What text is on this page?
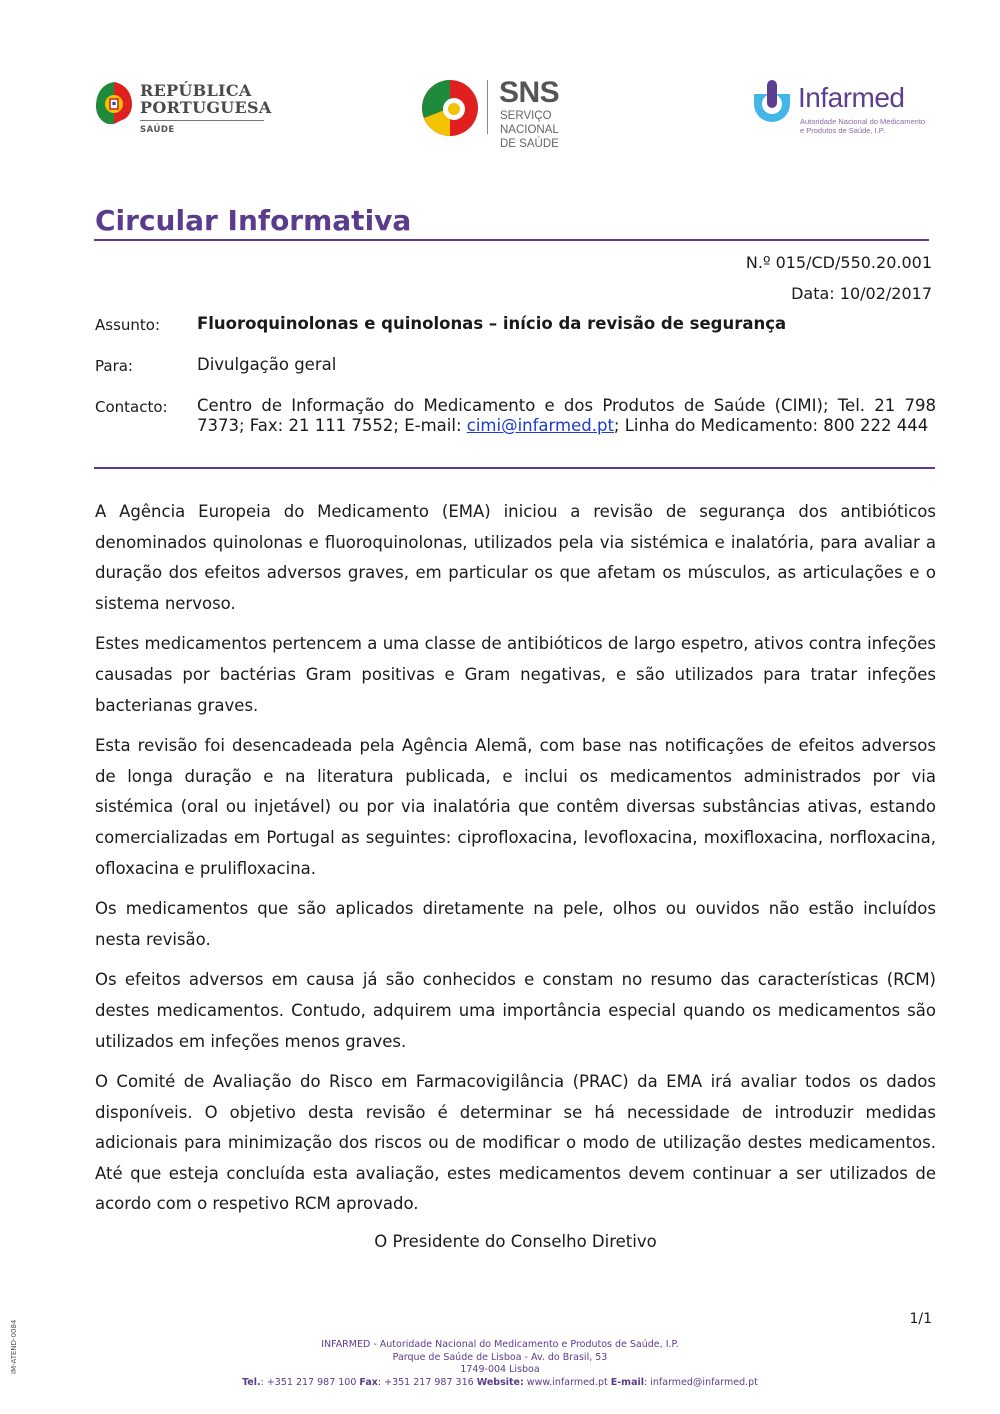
REPÚBLICA
PORTUGUESA
SAÚDE
SNS
SERVIÇO NACIONAL
DE SAÚDE
Infarmed
Autoridade Nacional do Medicamento
e Produtos de Saúde, I.P.
Circular Informativa
N.º 015/CD/550.20.001
Data: 10/02/2017
Assunto: Fluoroquinolonas e quinolonas – início da revisão de segurança
Para:	Divulgação geral
Contacto: Centro de Informação do Medicamento e dos Produtos de Saúde (CIMI); Tel. 21 798 7373; Fax: 21 111 7552; E-mail: cimi@infarmed.pt; Linha do Medicamento: 800 222 444

A Agência Europeia do Medicamento (EMA) iniciou a revisão de segurança dos antibióticos denominados quinolonas e fluoroquinolonas, utilizados pela via sistémica e inalatória, para avaliar a duração dos efeitos adversos graves, em particular os que afetam os músculos, as articulações e o sistema nervoso.

Estes medicamentos pertencem a uma classe de antibióticos de largo espetro, ativos contra infeções causadas por bactérias Gram positivas e Gram negativas, e são utilizados para tratar infeções bacterianas graves.

Esta revisão foi desencadeada pela Agência Alemã, com base nas notificações de efeitos adversos de longa duração e na literatura publicada, e inclui os medicamentos administrados por via sistémica (oral ou injetável) ou por via inalatória que contêm diversas substâncias ativas, estando comercializadas em Portugal as seguintes: ciprofloxacina, levofloxacina, moxifloxacina, norfloxacina, ofloxacina e prulifloxacina.

Os medicamentos que são aplicados diretamente na pele, olhos ou ouvidos não estão incluídos nesta revisão.

Os efeitos adversos em causa já são conhecidos e constam no resumo das características (RCM) destes medicamentos. Contudo, adquirem uma importância especial quando os medicamentos são utilizados em infeções menos graves.

O Comité de Avaliação do Risco em Farmacovigilância (PRAC) da EMA irá avaliar todos os dados disponíveis. O objetivo desta revisão é determinar se há necessidade de introduzir medidas adicionais para minimização dos riscos ou de modificar o modo de utilização destes medicamentos. Até que esteja concluída esta avaliação, estes medicamentos devem continuar a ser utilizados de acordo com o respetivo RCM aprovado.

O Presidente do Conselho Diretivo
1/1
IM-ATEND-0084	INFARMED - Autoridade Nacional do Medicamento e Produtos de Saúde, I.P.
Parque de Saúde de Lisboa - Av. do Brasil, 53
1749-004 Lisboa
Tel.: +351 217 987 100 Fax: +351 217 987 316 Website: www.infarmed.pt E-mail: infarmed@infarmed.pt
